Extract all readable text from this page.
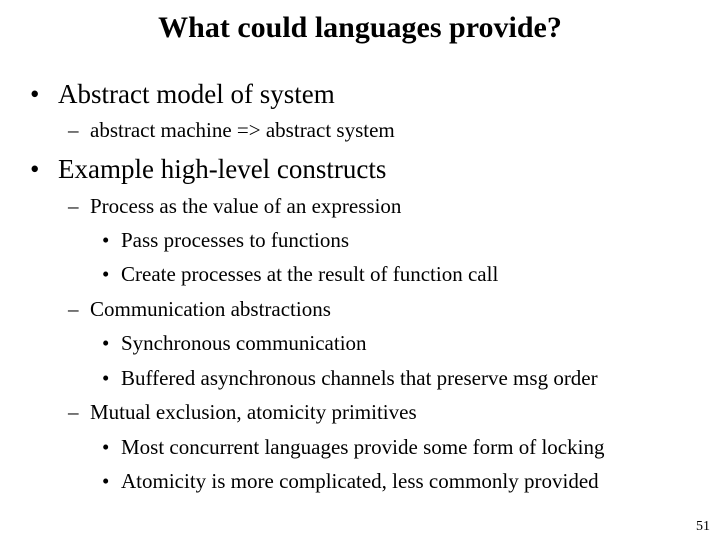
What could languages provide?
• Abstract model of system
– abstract machine => abstract system
• Example high-level constructs
– Process as the value of an expression
• Pass processes to functions
• Create processes at the result of function call
– Communication abstractions
• Synchronous communication
• Buffered asynchronous channels that preserve msg order
– Mutual exclusion, atomicity primitives
• Most concurrent languages provide some form of locking
• Atomicity is more complicated, less commonly provided
51
